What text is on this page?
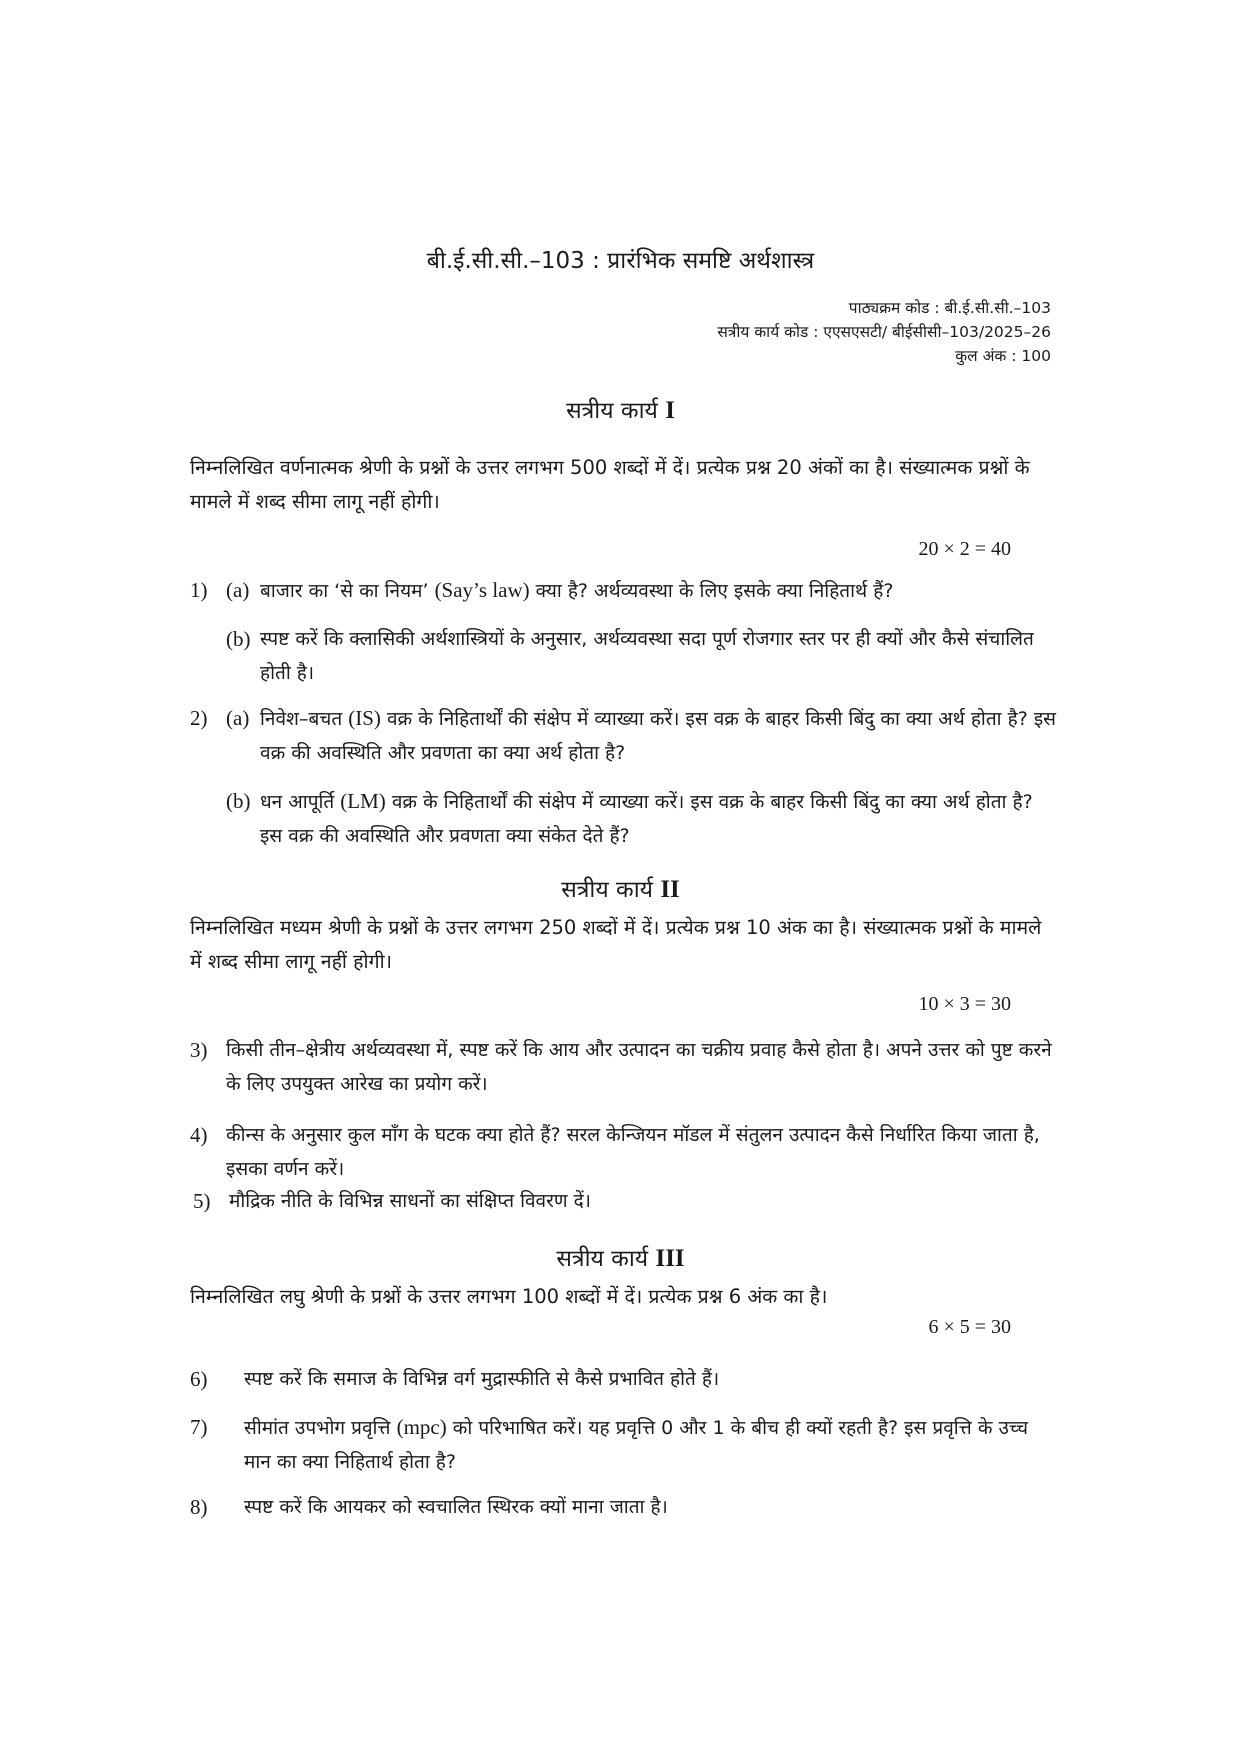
बी.ई.सी.सी.–103 : प्रारंभिक समष्टि अर्थशास्त्र
पाठ्यक्रम कोड : बी.ई.सी.सी.–103
सत्रीय कार्य कोड : एएसएसटी/ बीईसीसी–103/2025–26
कुल अंक : 100
सत्रीय कार्य I
निम्नलिखित वर्णनात्मक श्रेणी के प्रश्नों के उत्तर लगभग 500 शब्दों में दें। प्रत्येक प्रश्न 20 अंकों का है। संख्यात्मक प्रश्नों के मामले में शब्द सीमा लागू नहीं होगी।
20 × 2 = 40
1) (a) बाजार का ‘से का नियम’ (Say’s law) क्या है? अर्थव्यवस्था के लिए इसके क्या निहितार्थ हैं?
(b) स्पष्ट करें कि क्लासिकी अर्थशास्त्रियों के अनुसार, अर्थव्यवस्था सदा पूर्ण रोजगार स्तर पर ही क्यों और कैसे संचालित होती है।
2) (a) निवेश–बचत (IS) वक्र के निहितार्थों की संक्षेप में व्याख्या करें। इस वक्र के बाहर किसी बिंदु का क्या अर्थ होता है? इस वक्र की अवस्थिति और प्रवणता का क्या अर्थ होता है?
(b) धन आपूर्ति (LM) वक्र के निहितार्थों की संक्षेप में व्याख्या करें। इस वक्र के बाहर किसी बिंदु का क्या अर्थ होता है? इस वक्र की अवस्थिति और प्रवणता क्या संकेत देते हैं?
सत्रीय कार्य II
निम्नलिखित मध्यम श्रेणी के प्रश्नों के उत्तर लगभग 250 शब्दों में दें। प्रत्येक प्रश्न 10 अंक का है। संख्यात्मक प्रश्नों के मामले में शब्द सीमा लागू नहीं होगी।
10 × 3 = 30
3) किसी तीन–क्षेत्रीय अर्थव्यवस्था में, स्पष्ट करें कि आय और उत्पादन का चक्रीय प्रवाह कैसे होता है। अपने उत्तर को पुष्ट करने के लिए उपयुक्त आरेख का प्रयोग करें।
4) कीन्स के अनुसार कुल माँग के घटक क्या होते हैं? सरल केन्जियन मॉडल में संतुलन उत्पादन कैसे निर्धारित किया जाता है, इसका वर्णन करें।
5) मौद्रिक नीति के विभिन्न साधनों का संक्षिप्त विवरण दें।
सत्रीय कार्य III
निम्नलिखित लघु श्रेणी के प्रश्नों के उत्तर लगभग 100 शब्दों में दें। प्रत्येक प्रश्न 6 अंक का है।
6 × 5 = 30
6)	स्पष्ट करें कि समाज के विभिन्न वर्ग मुद्रास्फीति से कैसे प्रभावित होते हैं।
7)	सीमांत उपभोग प्रवृत्ति (mpc) को परिभाषित करें। यह प्रवृत्ति 0 और 1 के बीच ही क्यों रहती है? इस प्रवृत्ति के उच्च मान का क्या निहितार्थ होता है?
8)	स्पष्ट करें कि आयकर को स्वचालित स्थिरक क्यों माना जाता है।
